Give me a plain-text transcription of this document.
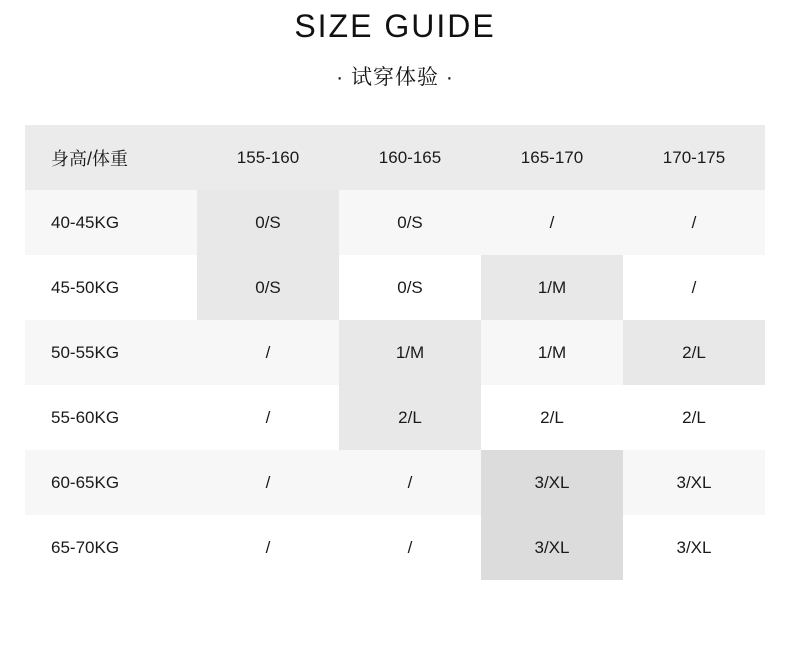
SIZE GUIDE
· 试穿体验 ·
身高/体重	155-160	160-165	165-170	170-175
40-45KG	0/S	0/S	/	/
45-50KG	0/S	0/S	1/M	/
50-55KG	/	1/M	1/M	2/L
55-60KG	/	2/L	2/L	2/L
60-65KG	/	/	3/XL	3/XL
65-70KG	/	/	3/XL	3/XL
